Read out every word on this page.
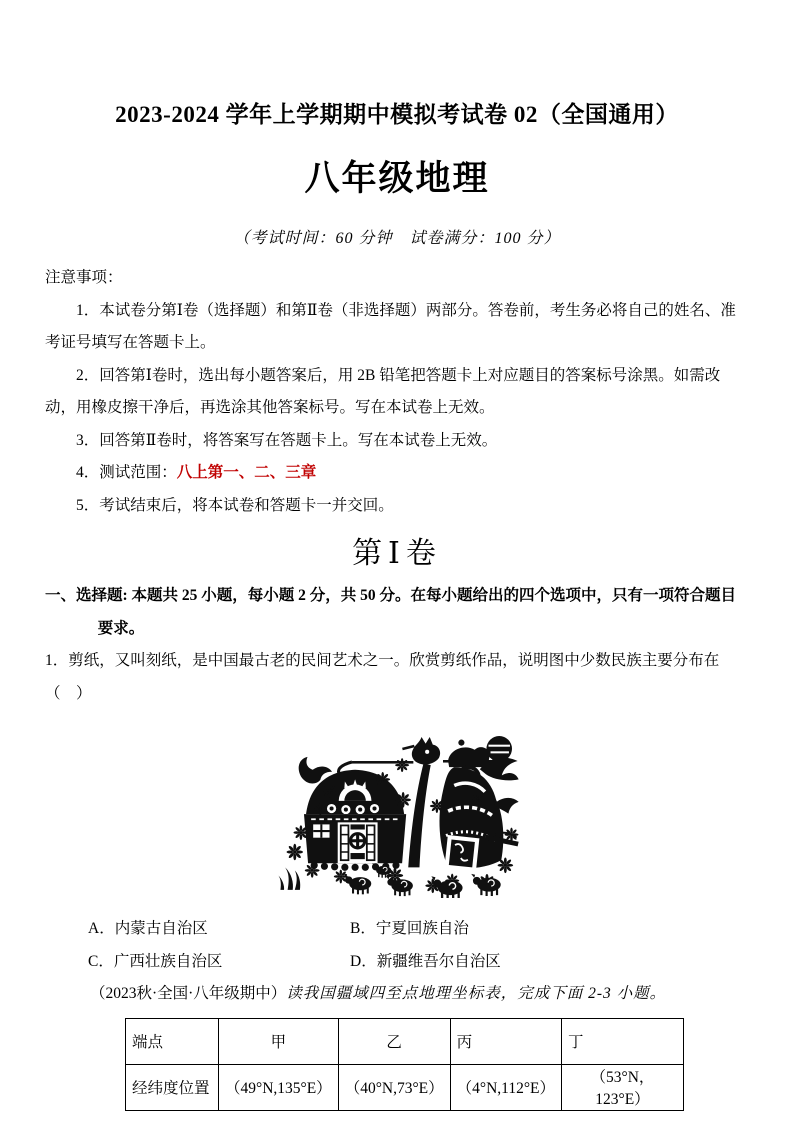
2023-2024 学年上学期期中模拟考试卷 02（全国通用）
八年级地理
（考试时间：60 分钟　试卷满分：100 分）
注意事项：
1．本试卷分第Ⅰ卷（选择题）和第Ⅱ卷（非选择题）两部分。答卷前，考生务必将自己的姓名、准考证号填写在答题卡上。
2．回答第Ⅰ卷时，选出每小题答案后，用 2B 铅笔把答题卡上对应题目的答案标号涂黑。如需改动，用橡皮擦干净后，再选涂其他答案标号。写在本试卷上无效。
3．回答第Ⅱ卷时，将答案写在答题卡上。写在本试卷上无效。
4．测试范围：八上第一、二、三章
5．考试结束后，将本试卷和答题卡一并交回。
第Ⅰ卷
一、选择题: 本题共 25 小题，每小题 2 分，共 50 分。在每小题给出的四个选项中，只有一项符合题目要求。
1．剪纸，又叫刻纸，是中国最古老的民间艺术之一。欣赏剪纸作品，说明图中少数民族主要分布在（　）
A．内蒙古自治区	B．宁夏回族自治
C．广西壮族自治区	D．新疆维吾尔自治区
（2023秋·全国·八年级期中）读我国疆域四至点地理坐标表，完成下面 2-3 小题。
端点	甲	乙	丙	丁
经纬度位置	（49°N,135°E）	（40°N,73°E）	（4°N,112°E）	（53°N，123°E）
